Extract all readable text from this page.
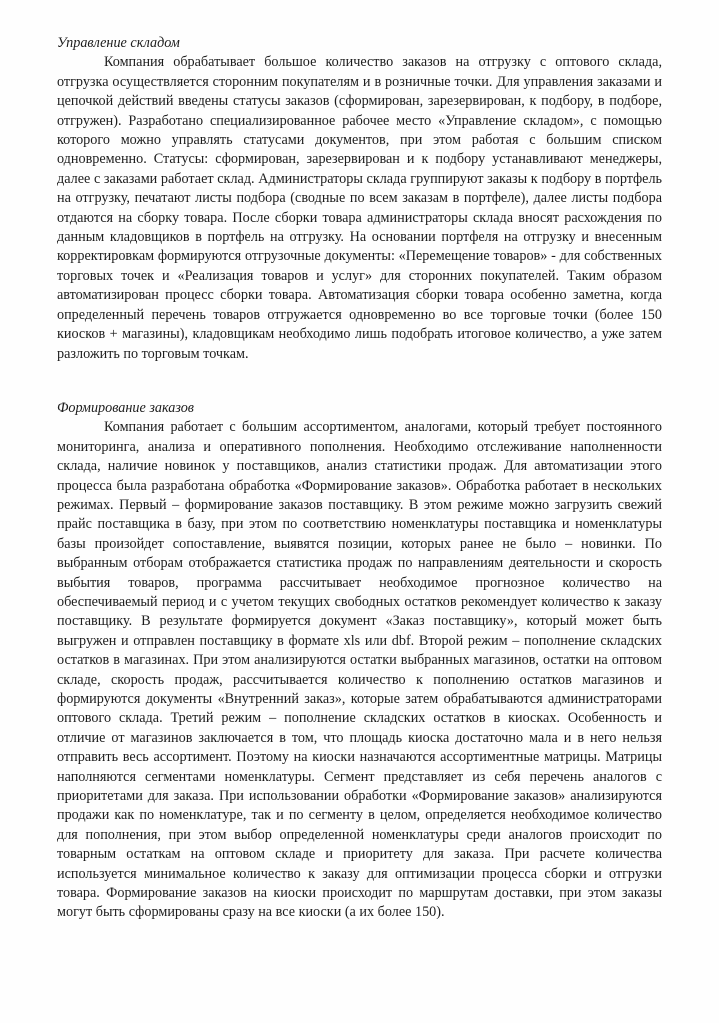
Управление складом

Компания обрабатывает большое количество заказов на отгрузку с оптового склада, отгрузка осуществляется сторонним покупателям и в розничные точки. Для управления заказами и цепочкой действий введены статусы заказов (сформирован, зарезервирован, к подбору, в подборе, отгружен). Разработано специализированное рабочее место «Управление складом», с помощью которого можно управлять статусами документов, при этом работая с большим списком одновременно. Статусы: сформирован, зарезервирован и к подбору устанавливают менеджеры, далее с заказами работает склад. Администраторы склада группируют заказы к подбору в портфель на отгрузку, печатают листы подбора (сводные по всем заказам в портфеле), далее листы подбора отдаются на сборку товара. После сборки товара администраторы склада вносят расхождения по данным кладовщиков в портфель на отгрузку. На основании портфеля на отгрузку и внесенным корректировкам формируются отгрузочные документы: «Перемещение товаров» - для собственных торговых точек и «Реализация товаров и услуг» для сторонних покупателей. Таким образом автоматизирован процесс сборки товара. Автоматизация сборки товара особенно заметна, когда определенный перечень товаров отгружается одновременно во все торговые точки (более 150 киосков + магазины), кладовщикам необходимо лишь подобрать итоговое количество, а уже затем разложить по торговым точкам.

Формирование заказов

Компания работает с большим ассортиментом, аналогами, который требует постоянного мониторинга, анализа и оперативного пополнения. Необходимо отслеживание наполненности склада, наличие новинок у поставщиков, анализ статистики продаж. Для автоматизации этого процесса была разработана обработка «Формирование заказов». Обработка работает в нескольких режимах. Первый – формирование заказов поставщику. В этом режиме можно загрузить свежий прайс поставщика в базу, при этом по соответствию номенклатуры поставщика и номенклатуры базы произойдет сопоставление, выявятся позиции, которых ранее не было – новинки. По выбранным отборам отображается статистика продаж по направлениям деятельности и скорость выбытия товаров, программа рассчитывает необходимое прогнозное количество на обеспечиваемый период и с учетом текущих свободных остатков рекомендует количество к заказу поставщику. В результате формируется документ «Заказ поставщику», который может быть выгружен и отправлен поставщику в формате xls или dbf. Второй режим – пополнение складских остатков в магазинах. При этом анализируются остатки выбранных магазинов, остатки на оптовом складе, скорость продаж, рассчитывается количество к пополнению остатков магазинов и формируются документы «Внутренний заказ», которые затем обрабатываются администраторами оптового склада. Третий режим – пополнение складских остатков в киосках. Особенность и отличие от магазинов заключается в том, что площадь киоска достаточно мала и в него нельзя отправить весь ассортимент. Поэтому на киоски назначаются ассортиментные матрицы. Матрицы наполняются сегментами номенклатуры. Сегмент представляет из себя перечень аналогов с приоритетами для заказа. При использовании обработки «Формирование заказов» анализируются продажи как по номенклатуре, так и по сегменту в целом, определяется необходимое количество для пополнения, при этом выбор определенной номенклатуры среди аналогов происходит по товарным остаткам на оптовом складе и приоритету для заказа. При расчете количества используется минимальное количество к заказу для оптимизации процесса сборки и отгрузки товара. Формирование заказов на киоски происходит по маршрутам доставки, при этом заказы могут быть сформированы сразу на все киоски (а их более 150).
